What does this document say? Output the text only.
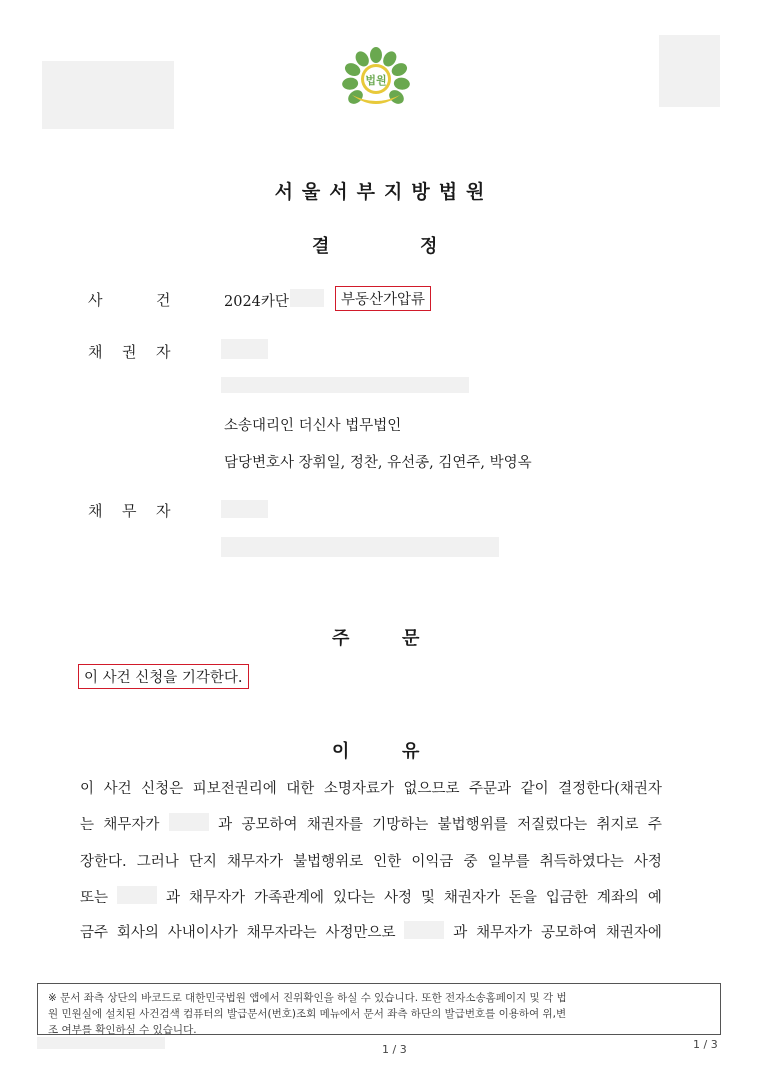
법원
서울서부지방법원
결	정
사	건	2024카단	부동산가압류
채 권 자
소송대리인 더신사 법무법인
담당변호사 장휘일, 정찬, 유선종, 김연주, 박영옥
채 무 자
주	문
이 사건 신청을 기각한다.
이	유
이 사건 신청은 피보전권리에 대한 소명자료가 없으므로 주문과 같이 결정한다(채권자
는 채무자가	과 공모하여 채권자를 기망하는 불법행위를 저질렀다는 취지로 주
장한다. 그러나 단지 채무자가 불법행위로 인한 이익금 중 일부를 취득하였다는 사정
또는	과 채무자가 가족관계에 있다는 사정 및 채권자가 돈을 입금한 계좌의 예
금주 회사의 사내이사가 채무자라는 사정만으로	과 채무자가 공모하여 채권자에
※ 문서 좌측 상단의 바코드로 대한민국법원 앱에서 진위확인을 하실 수 있습니다. 또한 전자소송홈페이지 및 각 법
원 민원실에 설치된 사건검색 컴퓨터의 발급문서(번호)조회 메뉴에서 문서 좌측 하단의 발급번호를 이용하여 위,변
조 여부를 확인하실 수 있습니다.
1 / 3	1 / 3
